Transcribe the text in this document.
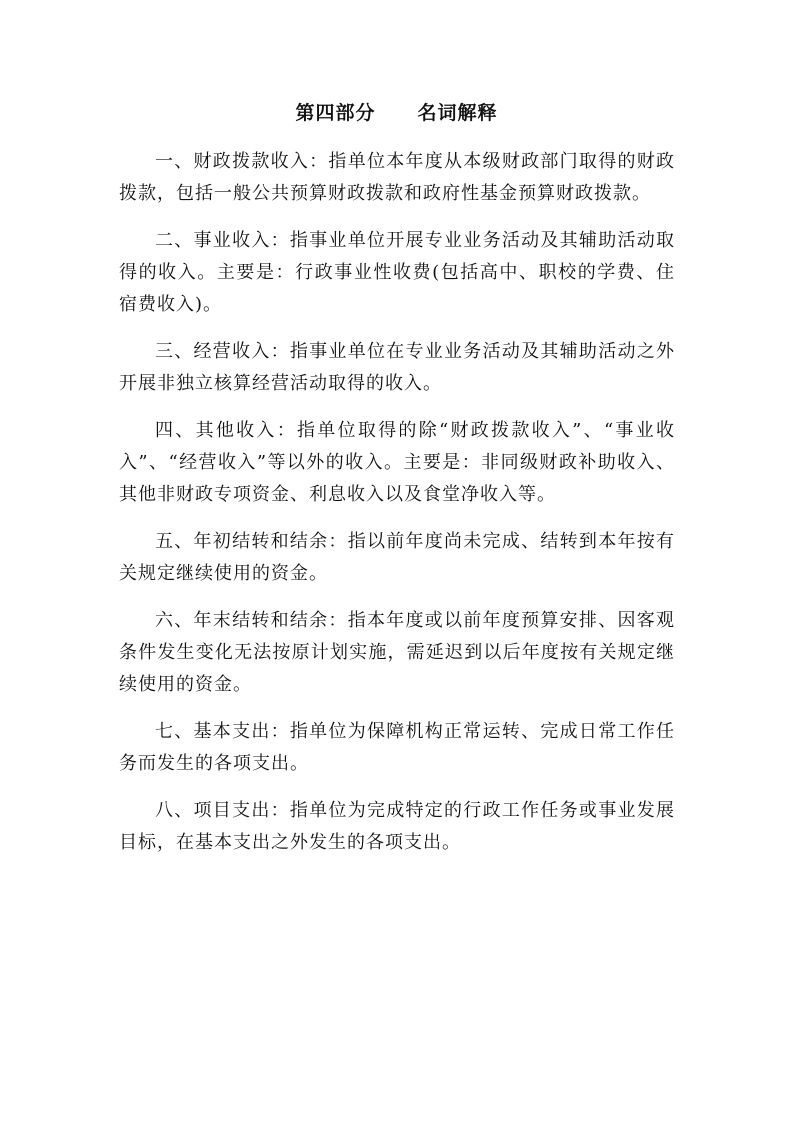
第四部分 名词解释

一、财政拨款收入：指单位本年度从本级财政部门取得的财政拨款，包括一般公共预算财政拨款和政府性基金预算财政拨款。

二、事业收入：指事业单位开展专业业务活动及其辅助活动取得的收入。主要是：行政事业性收费(包括高中、职校的学费、住宿费收入)。

三、经营收入：指事业单位在专业业务活动及其辅助活动之外开展非独立核算经营活动取得的收入。

四、其他收入：指单位取得的除“财政拨款收入”、“事业收入”、“经营收入”等以外的收入。主要是：非同级财政补助收入、其他非财政专项资金、利息收入以及食堂净收入等。

五、年初结转和结余：指以前年度尚未完成、结转到本年按有关规定继续使用的资金。

六、年末结转和结余：指本年度或以前年度预算安排、因客观条件发生变化无法按原计划实施，需延迟到以后年度按有关规定继续使用的资金。

七、基本支出：指单位为保障机构正常运转、完成日常工作任务而发生的各项支出。

八、项目支出：指单位为完成特定的行政工作任务或事业发展目标，在基本支出之外发生的各项支出。
